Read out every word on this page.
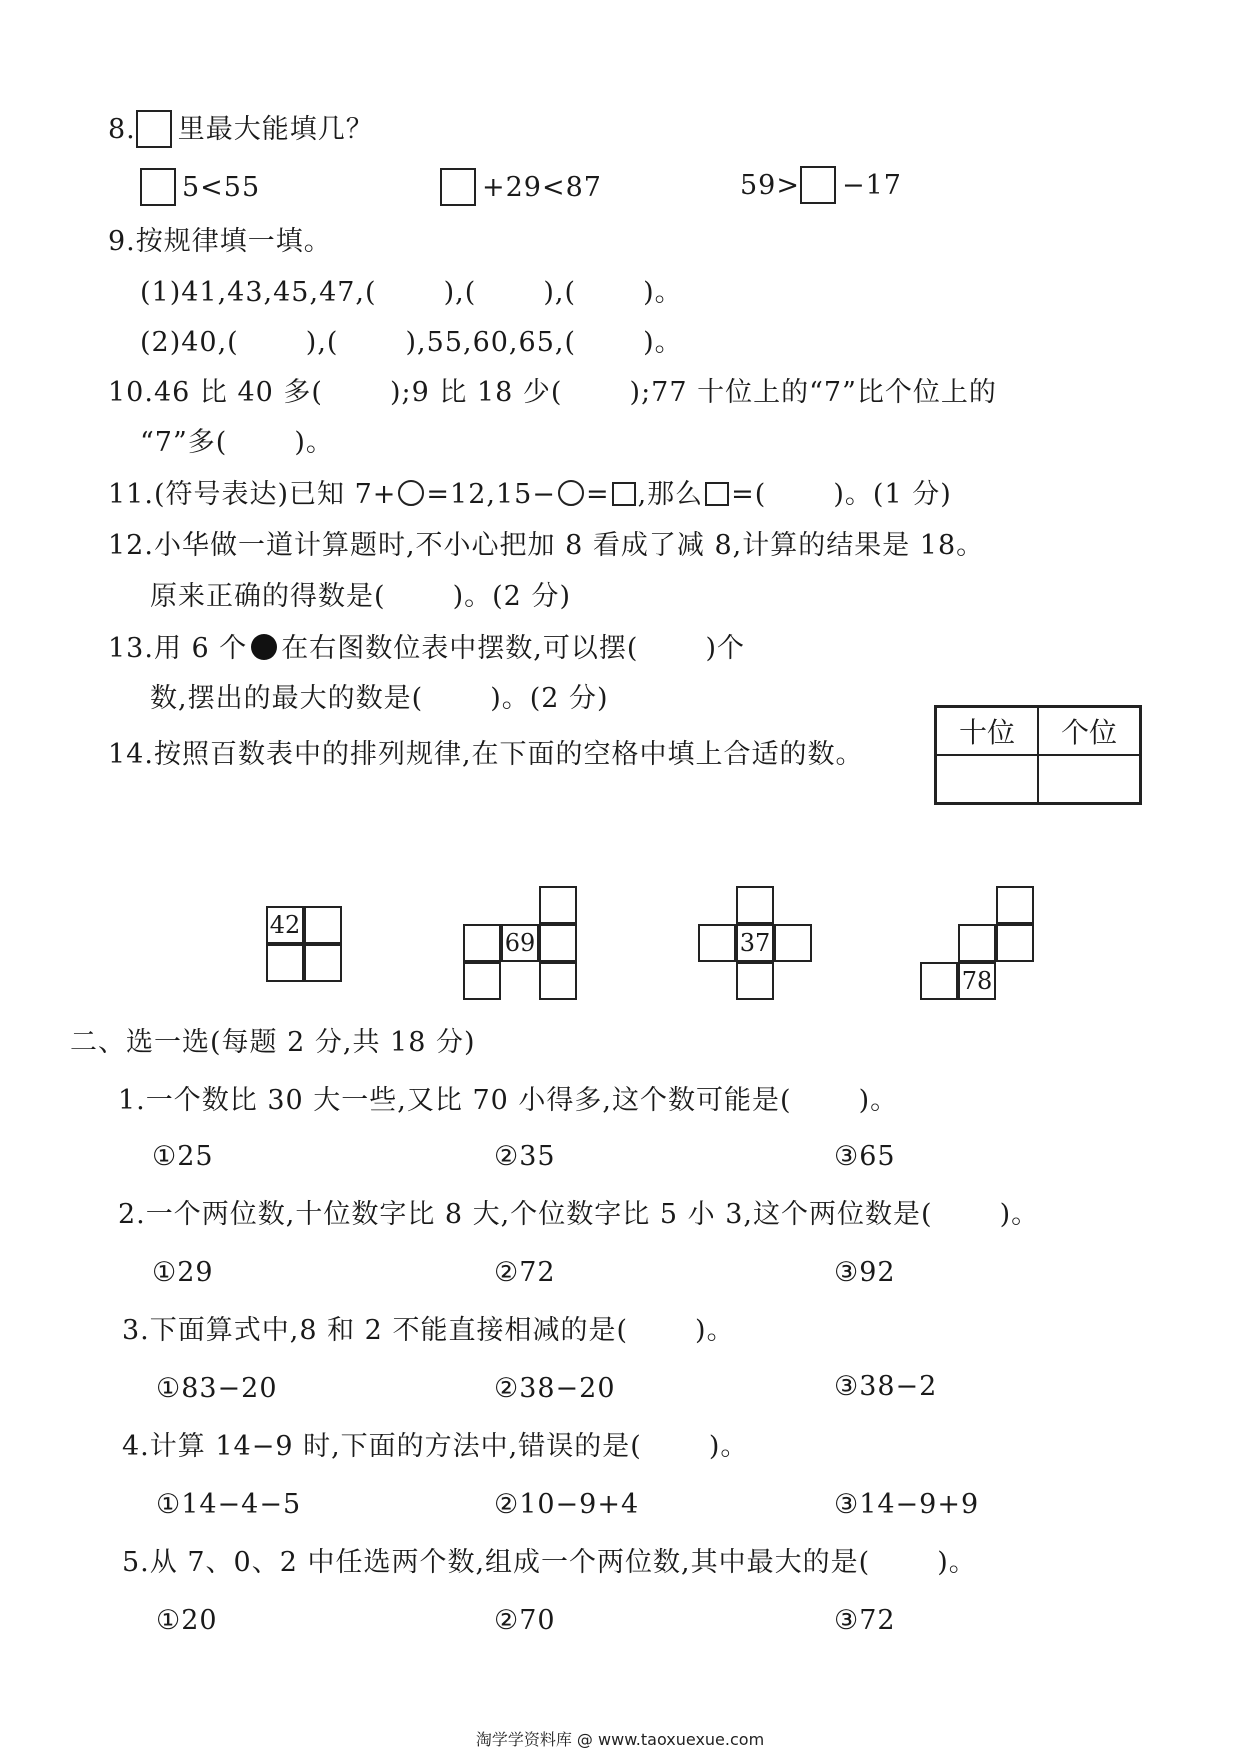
8. 里最大能填几？
5<55	+29<87	59> −17
9.按规律填一填。
(1)41,43,45,47,(       ),(       ),(       )。
(2)40,(       ),(       ),55,60,65,(       )。
10.46 比 40 多(       );9 比 18 少(       );77 十位上的“7”比个位上的
“7”多(       )。
11.(符号表达)已知 7+ =12,15− = ,那么 =(       )。(1 分)
12.小华做一道计算题时,不小心把加 8 看成了减 8,计算的结果是 18。
原来正确的得数是(       )。(2 分)
13.用 6 个 在右图数位表中摆数,可以摆(       )个
数,摆出的最大的数是(       )。(2 分)
十位	个位

14.按照百数表中的排列规律,在下面的空格中填上合适的数。
42
69	37
78
二、选一选(每题 2 分,共 18 分)
1.一个数比 30 大一些,又比 70 小得多,这个数可能是(       )。
①25	②35	③65
2.一个两位数,十位数字比 8 大,个位数字比 5 小 3,这个两位数是(       )。
①29	②72	③92
3.下面算式中,8 和 2 不能直接相减的是(       )。
①83−20	②38−20	③38−2
4.计算 14−9 时,下面的方法中,错误的是(       )。
①14−4−5	②10−9+4	③14−9+9
5.从 7、0、2 中任选两个数,组成一个两位数,其中最大的是(       )。
①20	②70	③72
淘学学资料库 @ www.taoxuexue.com
